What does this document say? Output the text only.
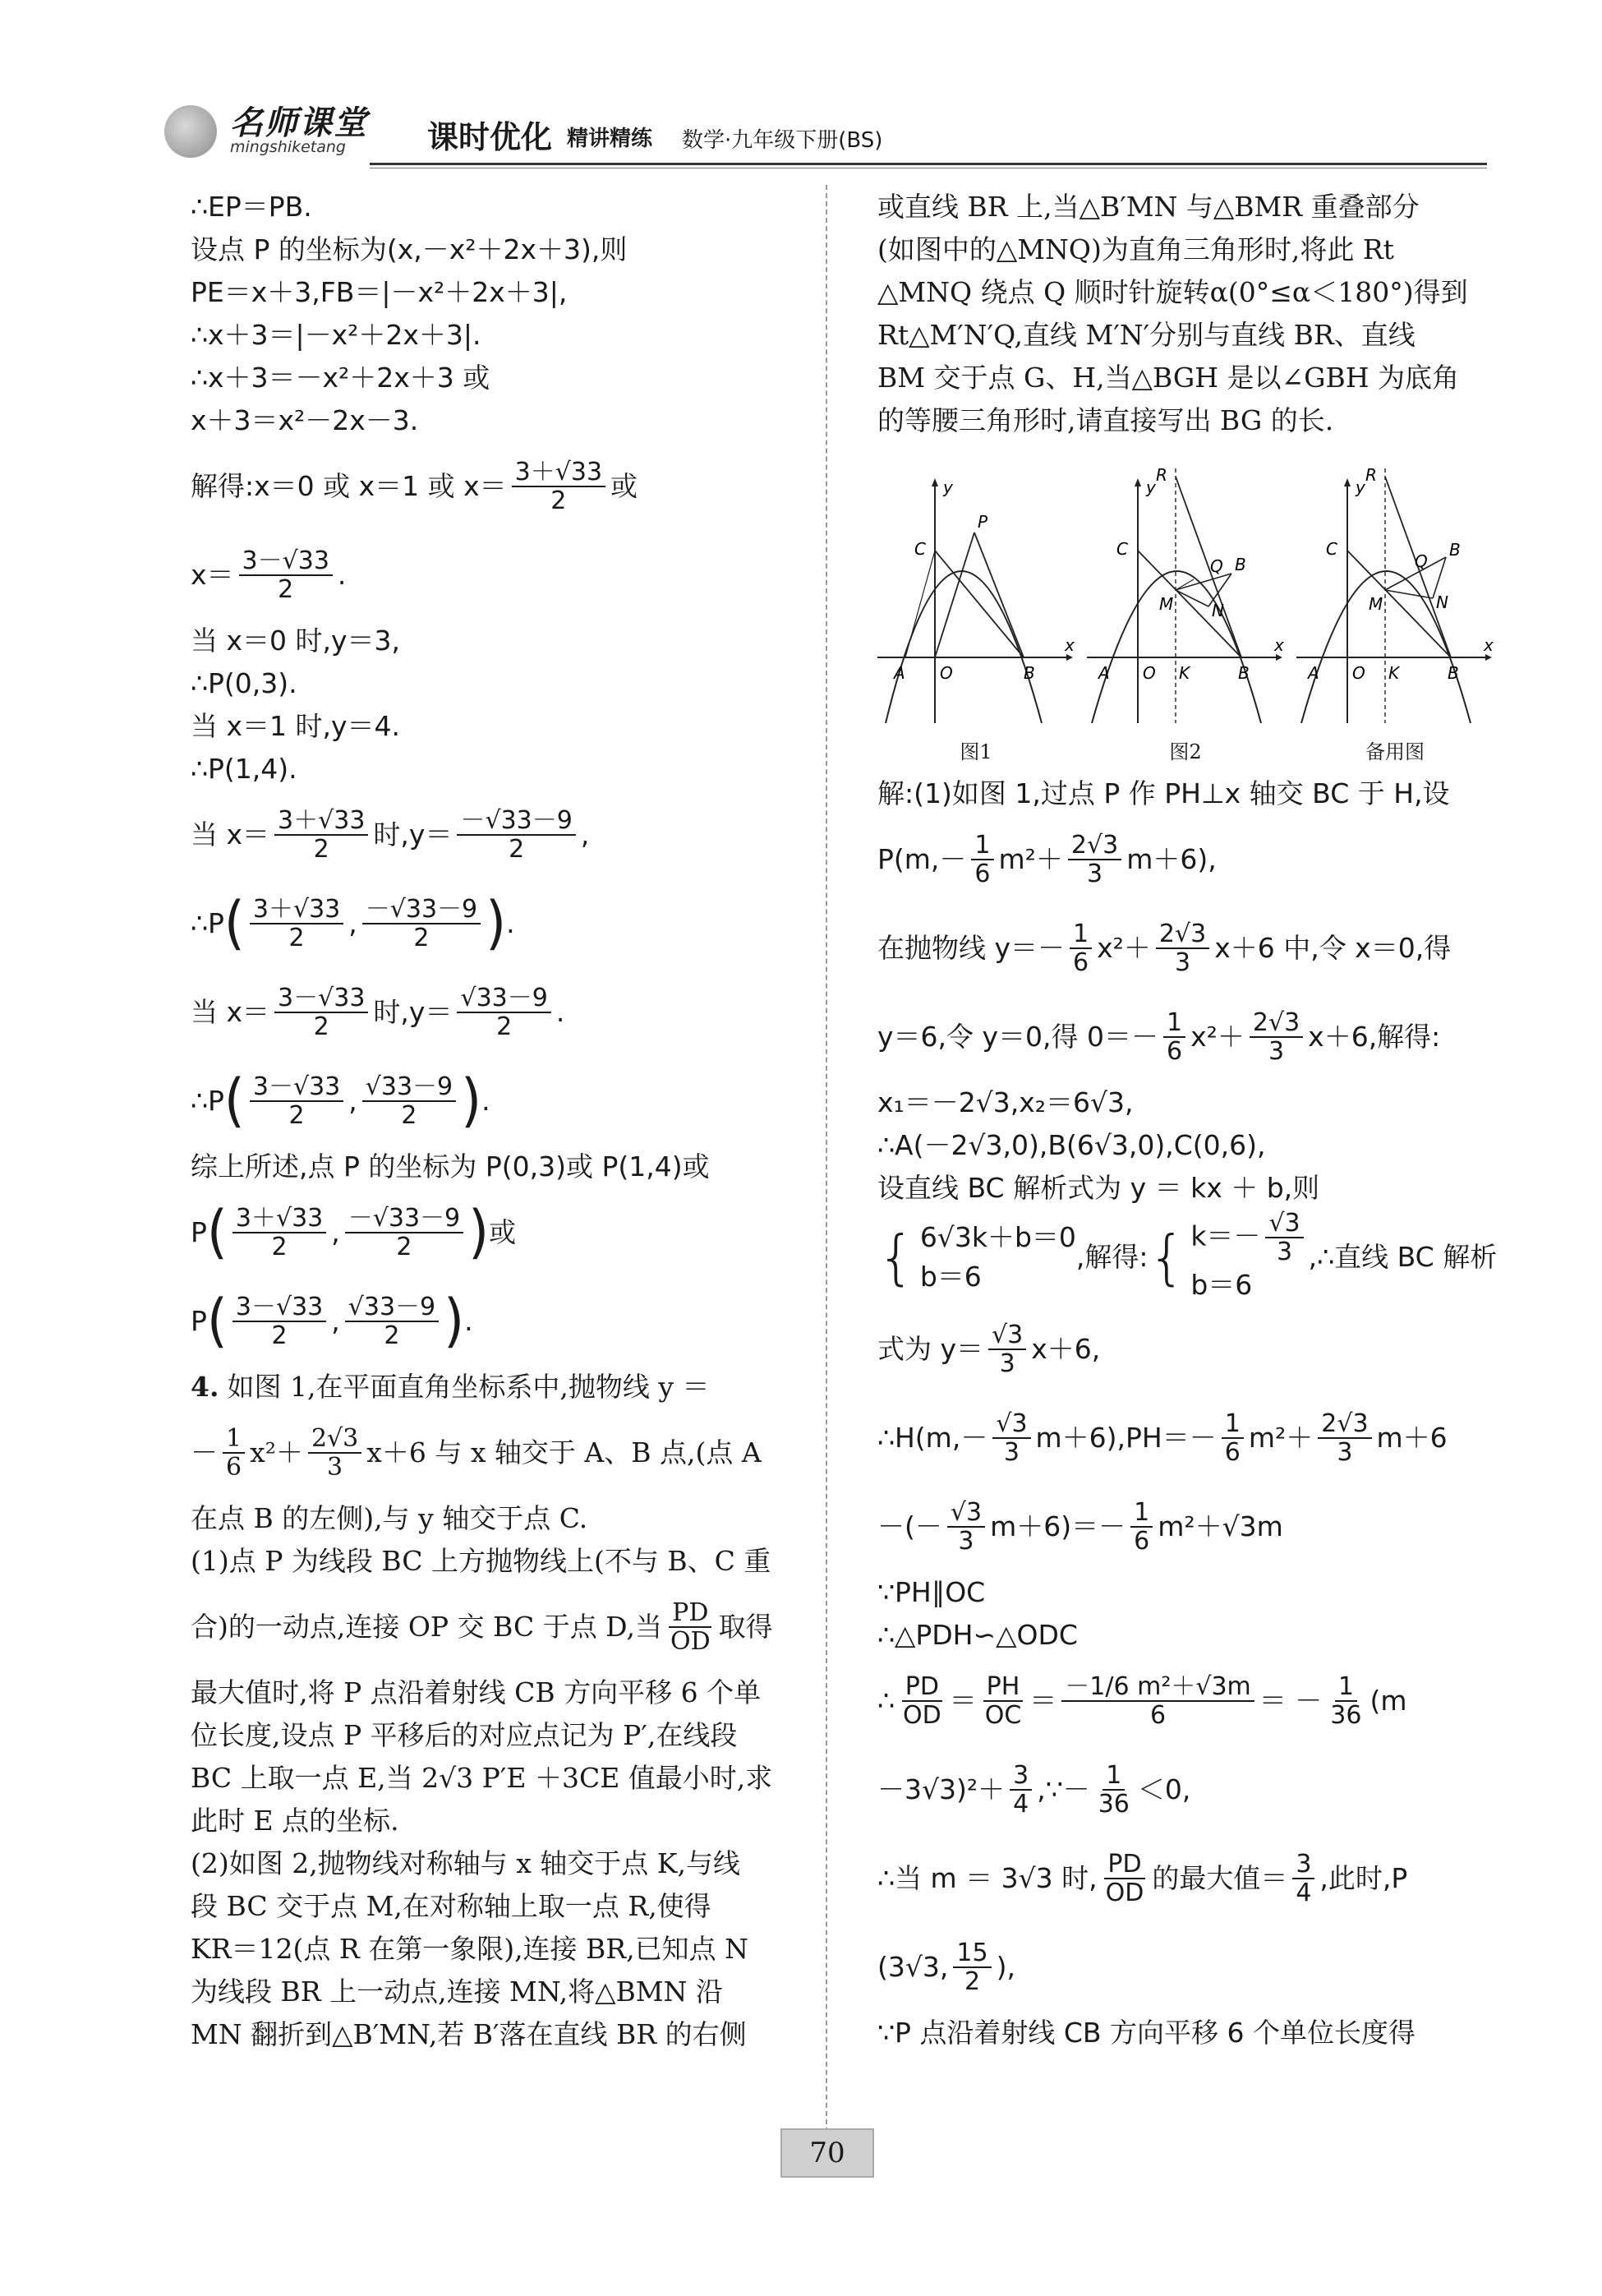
名师课堂
mingshiketang	课时优化 精讲精练 数学·九年级下册(BS)

∴EP＝PB.

设点 P 的坐标为(x,－x²＋2x＋3),则

PE＝x＋3,FB＝|－x²＋2x＋3|,

∴x＋3＝|－x²＋2x＋3|.

∴x＋3＝－x²＋2x＋3 或

x＋3＝x²－2x－3.

解得:x＝0 或 x＝1 或 $x= \frac{3+√33}{2}$ 或

$x= \frac{3-√33}{2}$ .

当 x＝0 时,y＝3,

∴P(0,3).

当 x＝1 时,y＝4.

∴P(1,4).

当 $x= \frac{3+√33}{2}$ 时$,y= \frac{-√33-9}{2}$ ,

∴P ( $\frac{3+√33}{2}$ , $\frac{-√33-9}{2}$ ) .

当 $x= \frac{3-√33}{2}$ 时$,y= \frac{√33-9}{2}$ .

∴P ( $\frac{3-√33}{2}$ , $\frac{√33-9}{2}$ ) .

综上所述,点 P 的坐标为 P(0,3)或 P(1,4)或

P ( $\frac{3+√33}{2}$ , $\frac{-√33-9}{2}$ ) 或

P ( $\frac{3-√33}{2}$ , $\frac{√33-9}{2}$ ) .

4. 如图 1,在平面直角坐标系中,抛物线 y ＝

－ $\frac{1}{6} x^2+ \frac{2√3}{3} x+6$ 与 x 轴交于 A、B 点,(点 A

在点 B 的左侧),与 y 轴交于点 C.

(1)点 P 为线段 BC 上方抛物线上(不与 B、C 重

合)的一动点,连接 OP 交 BC 于点 D,当 $\frac{PD}{OD}$ 取得

最大值时,将 P 点沿着射线 CB 方向平移 6 个单

位长度,设点 P 平移后的对应点记为 P′,在线段

BC 上取一点 E,当 2√3 P′E ＋3CE 值最小时,求

此时 E 点的坐标.

(2)如图 2,抛物线对称轴与 x 轴交于点 K,与线

段 BC 交于点 M,在对称轴上取一点 R,使得

KR＝12(点 R 在第一象限),连接 BR,已知点 N

为线段 BR 上一动点,连接 MN,将△BMN 沿

MN 翻折到△B′MN,若 B′落在直线 BR 的右侧

或直线 BR 上,当△B′MN 与△BMR 重叠部分

(如图中的△MNQ)为直角三角形时,将此 Rt

△MNQ 绕点 Q 顺时针旋转α(0°≤α＜180°)得到

Rt△M′N′Q,直线 M′N′分别与直线 BR、直线

BM 交于点 G、H,当△BGH 是以∠GBH 为底角

的等腰三角形时,请直接写出 BG 的长.

y
x
C
P
A O	B
图1
y
x
R
C
Q B
M N
A O K	B
图2
y
x
R
C
Q
B
M	N
A O K	B
备用图

解:(1)如图 1,过点 P 作 PH⊥x 轴交 BC 于 H,设

$P(m,- \frac{1}{6} m^2+ \frac{2√3}{3} m+6)$,

在抛物线 $y=- \frac{1}{6} x^2+ \frac{2√3}{3} x+6$ 中,令 x＝0,得

y＝6,令 y＝0,得 $0=- \frac{1}{6} x^2+ \frac{2√3}{3} x+6$,解得:

x₁＝－2√3,x₂＝6√3,

∴A(－2√3,0),B(6√3,0),C(0,6),

设直线 BC 解析式为 y ＝ kx ＋ b,则

{ 6√3k＋b＝0
b＝6
,解得: { $k=- \frac{√3}{3}$
b＝6
,∴直线 BC 解析

式为 $y= \frac{√3}{3} x+6$,

∴H(m,－ $\frac{√3}{3} m+6),PH=- \frac{1}{6} m^2+ \frac{2√3}{3} m+6$

－(－ $\frac{√3}{3} m+6)=- \frac{1}{6} m^2+√3m$

∵PH∥OC

∴△PDH∽△ODC

∴ $\frac{PD}{OD} = \frac{PH}{OC} = \frac{\text{－1/6 m²＋√3m}}{6}$ ＝ － $\frac{1}{36} (m$

$-3√3)^2+ \frac{3}{4}$ ,∵－ $\frac{1}{36} <0$,

∴当 m ＝ 3√3 时, $\frac{PD}{OD}$ 的最大值＝ $\frac{3}{4}$ ,此时,P

(3√3, $\frac{15}{2}$ ),

∵P 点沿着射线 CB 方向平移 6 个单位长度得

70
